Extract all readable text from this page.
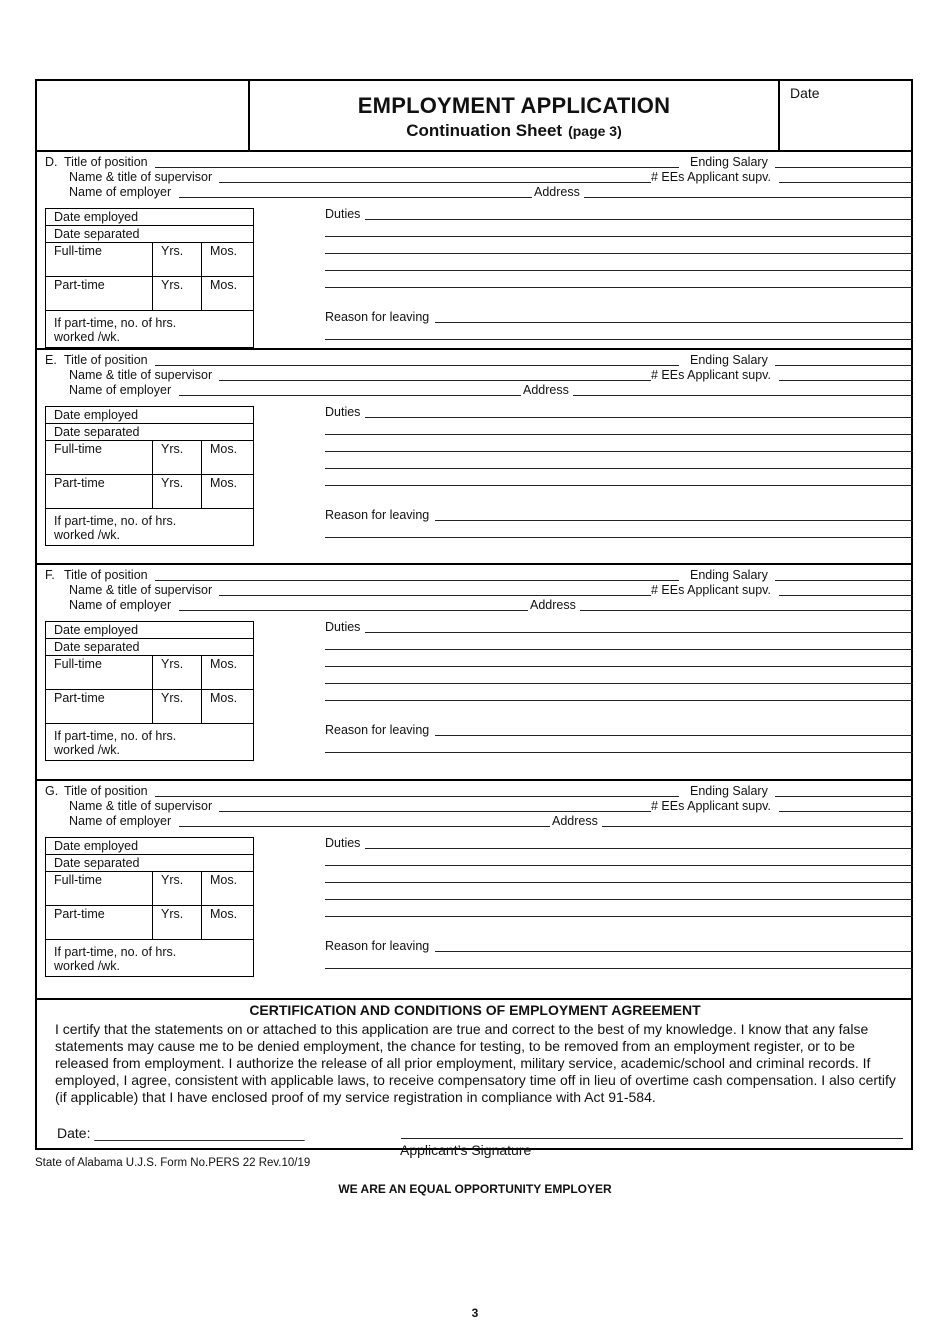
EMPLOYMENT APPLICATION
Continuation Sheet (page 3)
Date
D. Title of position	Ending Salary
Name & title of supervisor	# EEs Applicant supv.
Name of employer	Address
Duties
Reason for leaving
Date employed
Date separated
Full-time	Yrs. Mos.
Part-time	Yrs. Mos.
If part-time, no. of hrs.
worked /wk.
E. Title of position	Ending Salary
Name & title of supervisor	# EEs Applicant supv.
Name of employer	Address
Duties
Reason for leaving
Date employed
Date separated
Full-time	Yrs. Mos.
Part-time	Yrs. Mos.
If part-time, no. of hrs.
worked /wk.
F. Title of position	Ending Salary
Name & title of supervisor	# EEs Applicant supv.
Name of employer	Address
Duties
Reason for leaving
Date employed
Date separated
Full-time	Yrs. Mos.
Part-time	Yrs. Mos.
If part-time, no. of hrs.
worked /wk.
G. Title of position	Ending Salary
Name & title of supervisor	# EEs Applicant supv.
Name of employer	Address
Duties
Reason for leaving
Date employed
Date separated
Full-time	Yrs. Mos.
Part-time	Yrs. Mos.
If part-time, no. of hrs.
worked /wk.
CERTIFICATION AND CONDITIONS OF EMPLOYMENT AGREEMENT
I certify that the statements on or attached to this application are true and correct to the best of my knowledge. I know that any false statements may cause me to be denied employment, the chance for testing, to be removed from an employment register, or to be released from employment. I authorize the release of all prior employment, military service, academic/school and criminal records. If employed, I agree, consistent with applicable laws, to receive compensatory time off in lieu of overtime cash compensation. I also certify (if applicable) that I have enclosed proof of my service registration in compliance with Act 91-584.
Date: ___________________________
Applicant’s Signature
State of Alabama U.J.S. Form No.PERS 22 Rev.10/19
WE ARE AN EQUAL OPPORTUNITY EMPLOYER
3
